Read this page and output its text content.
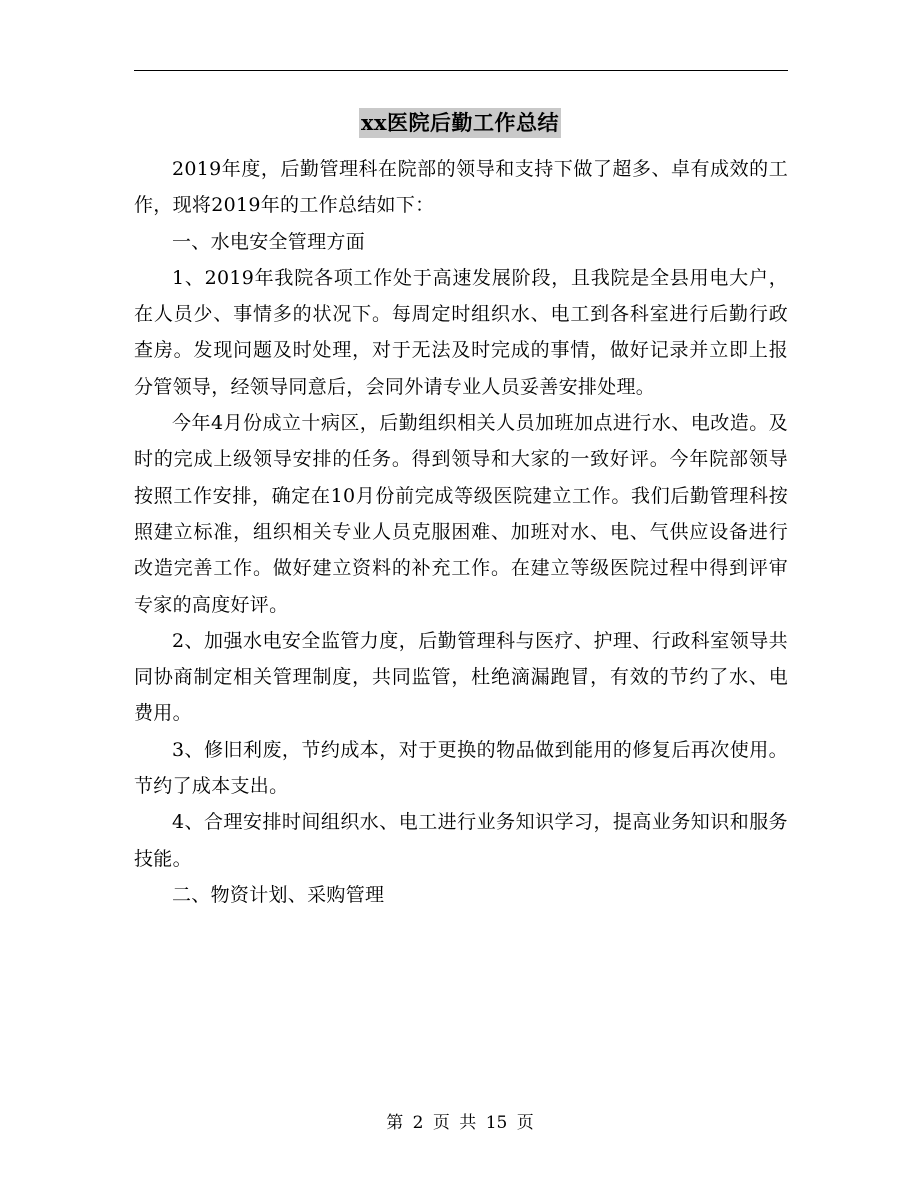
xx医院后勤工作总结

2019年度，后勤管理科在院部的领导和支持下做了超多、卓有成效的工作，现将2019年的工作总结如下：

一、水电安全管理方面

1、2019年我院各项工作处于高速发展阶段，且我院是全县用电大户，在人员少、事情多的状况下。每周定时组织水、电工到各科室进行后勤行政查房。发现问题及时处理，对于无法及时完成的事情，做好记录并立即上报分管领导，经领导同意后，会同外请专业人员妥善安排处理。

今年4月份成立十病区，后勤组织相关人员加班加点进行水、电改造。及时的完成上级领导安排的任务。得到领导和大家的一致好评。今年院部领导按照工作安排，确定在10月份前完成等级医院建立工作。我们后勤管理科按照建立标准，组织相关专业人员克服困难、加班对水、电、气供应设备进行改造完善工作。做好建立资料的补充工作。在建立等级医院过程中得到评审专家的高度好评。

2、加强水电安全监管力度，后勤管理科与医疗、护理、行政科室领导共同协商制定相关管理制度，共同监管，杜绝滴漏跑冒，有效的节约了水、电费用。

3、修旧利废，节约成本，对于更换的物品做到能用的修复后再次使用。节约了成本支出。

4、合理安排时间组织水、电工进行业务知识学习，提高业务知识和服务技能。

二、物资计划、采购管理

第 2 页 共 15 页
